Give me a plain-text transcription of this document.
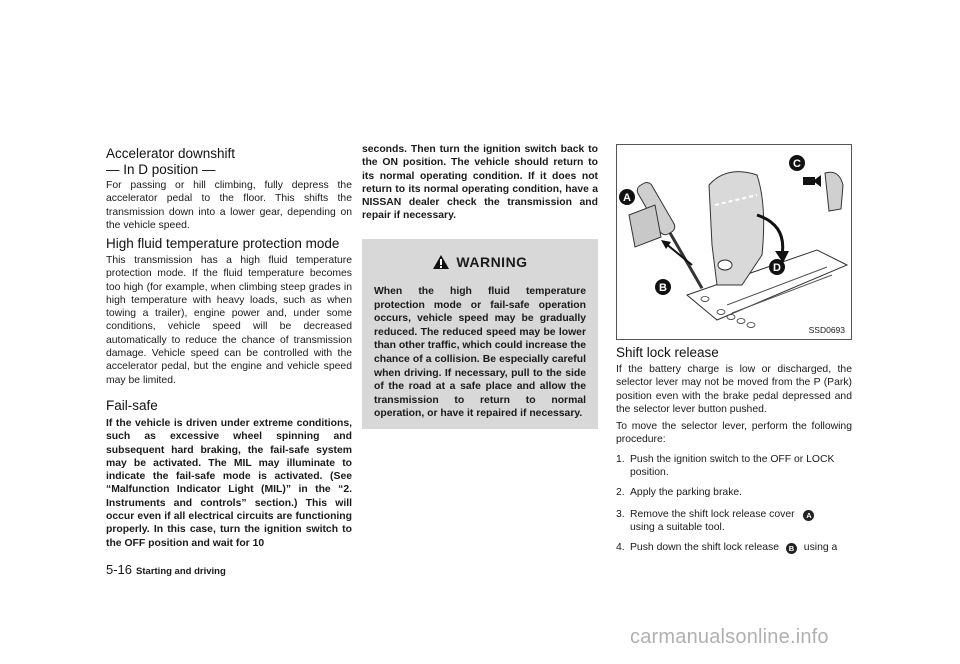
Accelerator downshift
— In D position —

For passing or hill climbing, fully depress the accelerator pedal to the floor. This shifts the transmission down into a lower gear, depending on the vehicle speed.

High fluid temperature protection mode

This transmission has a high fluid temperature protection mode. If the fluid temperature becomes too high (for example, when climbing steep grades in high temperature with heavy loads, such as when towing a trailer), engine power and, under some conditions, vehicle speed will be decreased automatically to reduce the chance of transmission damage. Vehicle speed can be controlled with the accelerator pedal, but the engine and vehicle speed may be limited.

Fail-safe

If the vehicle is driven under extreme conditions, such as excessive wheel spinning and subsequent hard braking, the fail-safe system may be activated. The MIL may illuminate to indicate the fail-safe mode is activated. (See “Malfunction Indicator Light (MIL)” in the “2. Instruments and controls” section.) This will occur even if all electrical circuits are functioning properly. In this case, turn the ignition switch to the OFF position and wait for 10

seconds. Then turn the ignition switch back to the ON position. The vehicle should return to its normal operating condition. If it does not return to its normal operating condition, have a NISSAN dealer check the transmission and repair if necessary.

WARNING

When the high fluid temperature protection mode or fail-safe operation occurs, vehicle speed may be gradually reduced. The reduced speed may be lower than other traffic, which could increase the chance of a collision. Be especially careful when driving. If necessary, pull to the side of the road at a safe place and allow the transmission to return to normal operation, or have it repaired if necessary.

A
B
C
D
SSD0693
Shift lock release

If the battery charge is low or discharged, the selector lever may not be moved from the P (Park) position even with the brake pedal depressed and the selector lever button pushed.

To move the selector lever, perform the following procedure:

1. Push the ignition switch to the OFF or LOCK
position.
2. Apply the parking brake.
3. Remove the shift lock release cover A
using a suitable tool.
4. Push down the shift lock release B using a
5-16 Starting and driving
carmanualsonline.info
